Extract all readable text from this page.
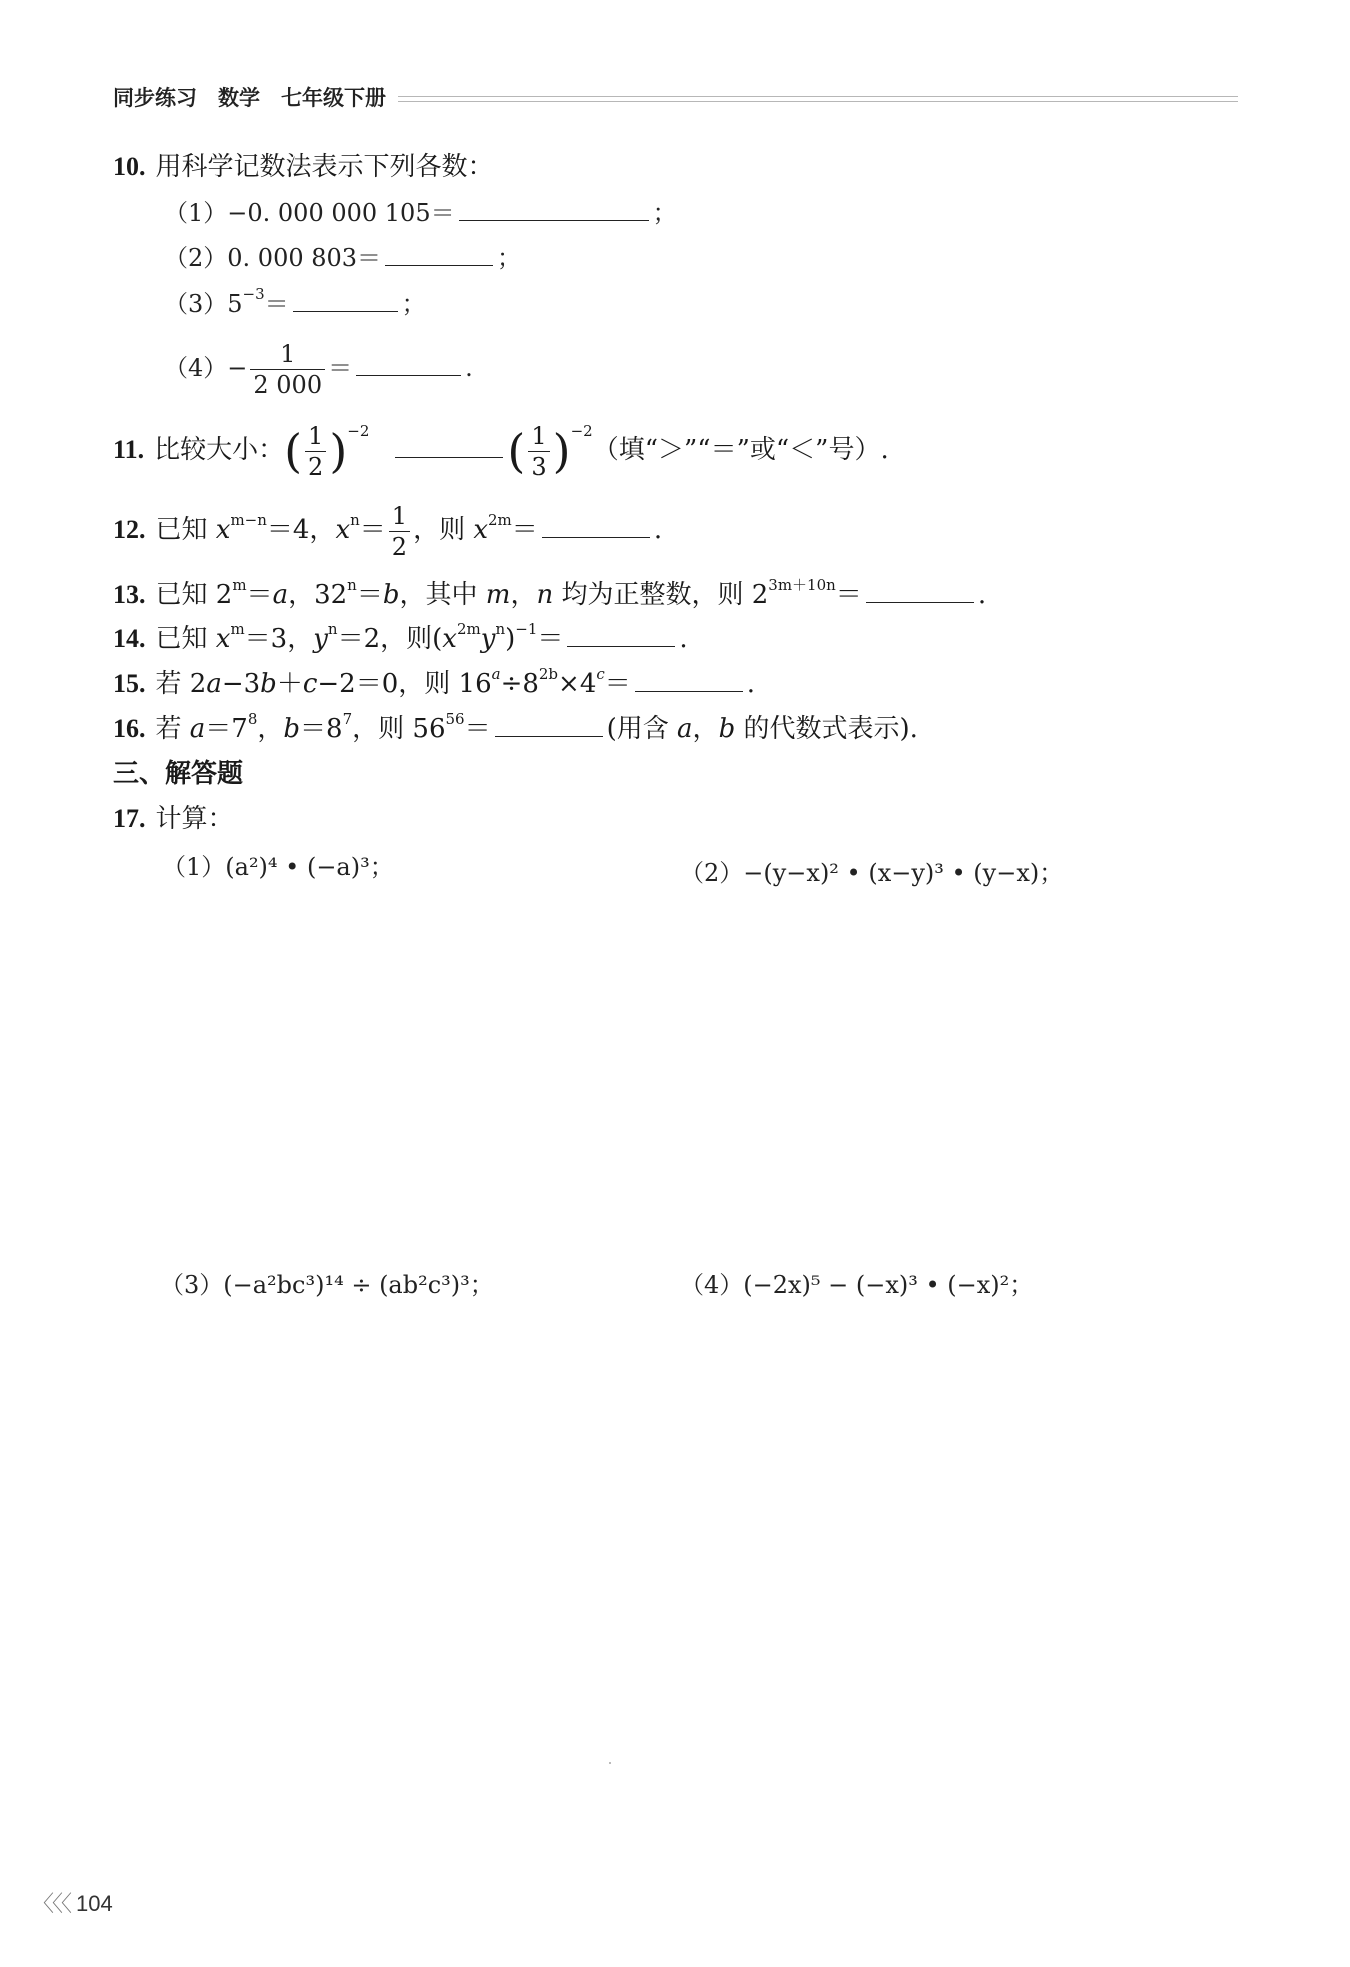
同步练习　数学　七年级下册
10. 用科学记数法表示下列各数：
（1）−0. 000 000 105＝	；
（2）0. 000 803＝	；
$(3)5^{-3}=$	；
$(4)- \frac{1}{2 000}$ ＝	.
11. 比较大小：( $\frac{1}{2} )^{-2}$	( $\frac{1}{3} )^{-2}$（填“＞”“＝”或“＜”号）.
12. 已知 $x^{m-n}=4$，$x^n= \frac{1}{2}$ ，则 $x^{2m}=$	.
13. 已知 $2^m=a$，$32^n=b$，其中 m，n 均为正整数，则 $2^{3m+10n}=$	.
14. 已知 $x^m=3$，$y^n=2$，则$(x^{2m}y^n)^{-1}=$	.
15. 若 2a−3b＋c−2＝0，则 $16^a\div 8^{2b}\times 4^c=$	.
16. 若 $a=7^8$，$b=8^7$，则 $56^{56}=$	(用含 a，b 的代数式表示).
三、解答题
17. 计算：
（1）(a²)⁴ • (−a)³；	（2）−(y−x)² • (x−y)³ • (y−x)；
（3）(−a²bc³)¹⁴ ÷ (ab²c³)³；	（4）(−2x)⁵ − (−x)³ • (−x)²；
〈〈〈 104
